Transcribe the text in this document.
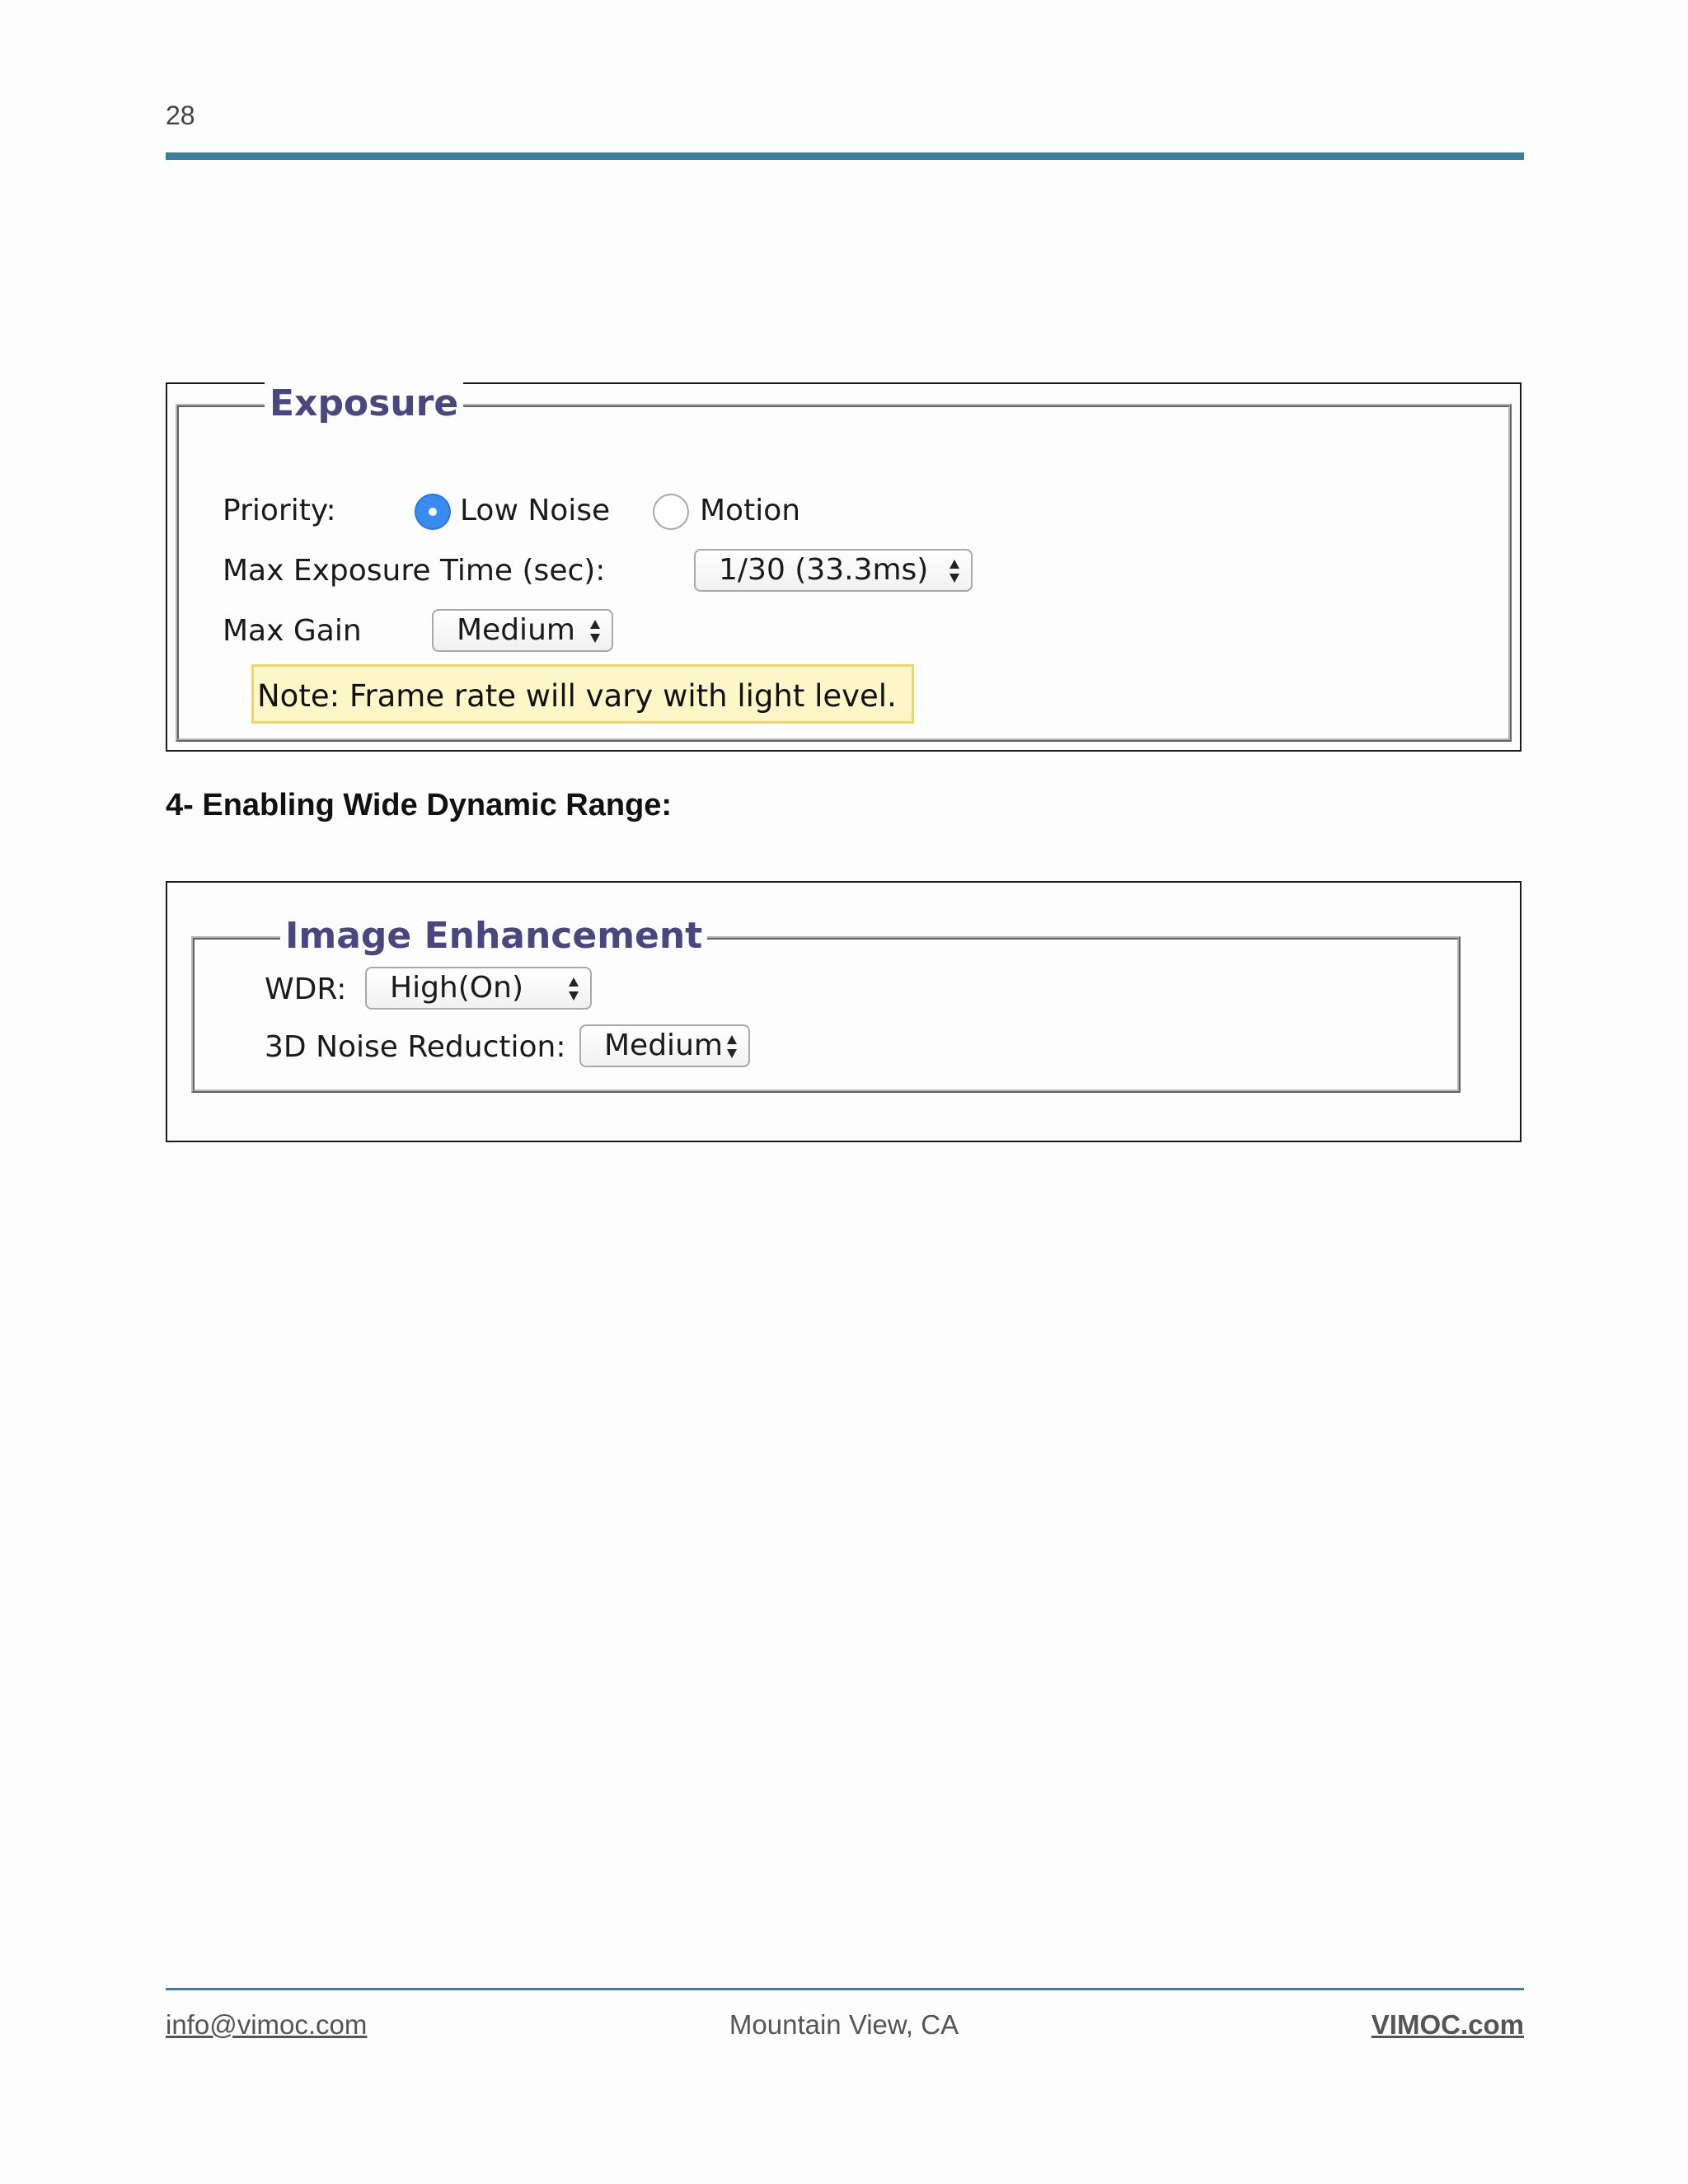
28
Exposure
Priority:	Low Noise	Motion
Max Exposure Time (sec):	1/30 (33.3ms)
Max Gain	Medium
Note: Frame rate will vary with light level.
4- Enabling Wide Dynamic Range:
Image Enhancement
WDR:	High(On)
3D Noise Reduction:	Medium
info@vimoc.com	Mountain View, CA	VIMOC.com
